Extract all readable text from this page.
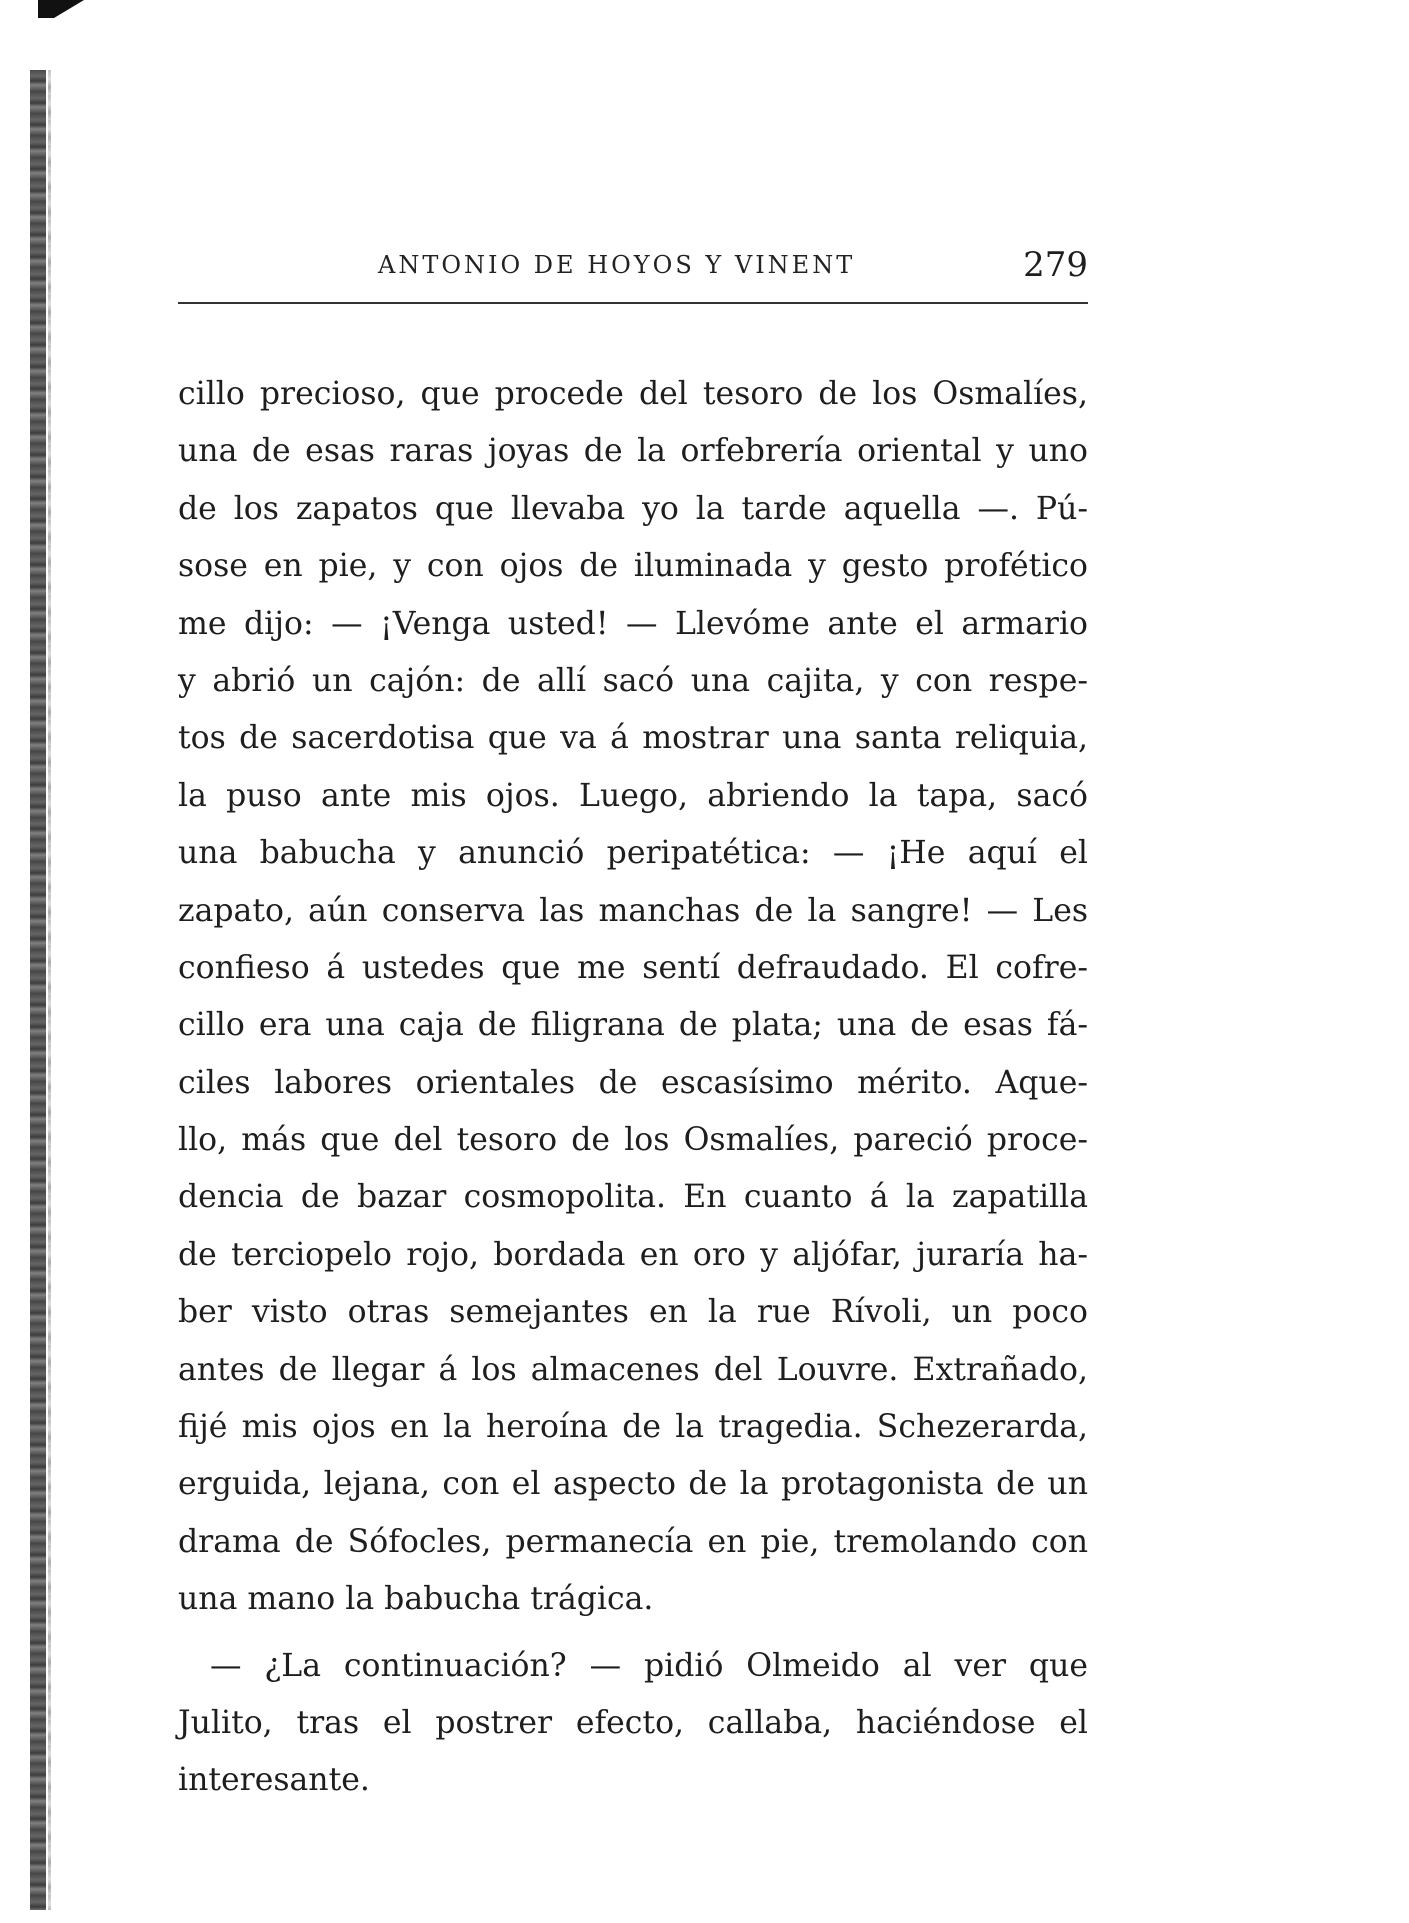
ANTONIO DE HOYOS Y VINENT	279
cillo precioso, que procede del tesoro de los Osmalíes,
una de esas raras joyas de la orfebrería oriental y uno
de los zapatos que llevaba yo la tarde aquella —. Pú-
sose en pie, y con ojos de iluminada y gesto profético
me dijo: — ¡Venga usted! — Llevóme ante el armario
y abrió un cajón: de allí sacó una cajita, y con respe-
tos de sacerdotisa que va á mostrar una santa reliquia,
la puso ante mis ojos. Luego, abriendo la tapa, sacó
una babucha y anunció peripatética: — ¡He aquí el
zapato, aún conserva las manchas de la sangre! — Les
confieso á ustedes que me sentí defraudado. El cofre-
cillo era una caja de filigrana de plata; una de esas fá-
ciles labores orientales de escasísimo mérito. Aque-
llo, más que del tesoro de los Osmalíes, pareció proce-
dencia de bazar cosmopolita. En cuanto á la zapatilla
de terciopelo rojo, bordada en oro y aljófar, juraría ha-
ber visto otras semejantes en la rue Rívoli, un poco
antes de llegar á los almacenes del Louvre. Extrañado,
fijé mis ojos en la heroína de la tragedia. Schezerarda,
erguida, lejana, con el aspecto de la protagonista de un
drama de Sófocles, permanecía en pie, tremolando con
una mano la babucha trágica.
— ¿La continuación? — pidió Olmeido al ver que
Julito, tras el postrer efecto, callaba, haciéndose el
interesante.
